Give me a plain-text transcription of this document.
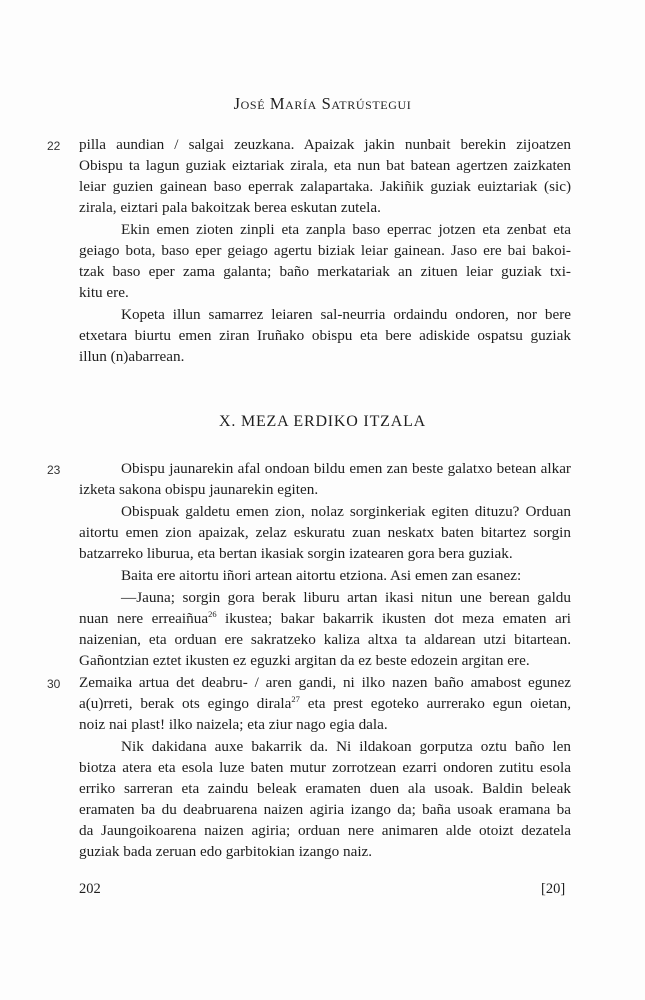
José María Satrústegui
22 pilla aundian / salgai zeuzkana. Apaizak jakin nunbait berekin zijoatzen
Obispu ta lagun guziak eiztariak zirala, eta nun bat batean agertzen zaizkaten
leiar guzien gainean baso eperrak zalapartaka. Jakiñik guziak euiztariak (sic)
zirala, eiztari pala bakoitzak berea eskutan zutela.
Ekin emen zioten zinpli eta zanpla baso eperrac jotzen eta zenbat eta
geiago bota, baso eper geiago agertu biziak leiar gainean. Jaso ere bai bakoi-
tzak baso eper zama galanta; baño merkatariak an zituen leiar guziak txi-
kitu ere.
Kopeta illun samarrez leiaren sal-neurria ordaindu ondoren, nor bere
etxetara biurtu emen ziran Iruñako obispu eta bere adiskide ospatsu guziak
illun (n)abarrean.
X. MEZA ERDIKO ITZALA
23	Obispu jaunarekin afal ondoan bildu emen zan beste galatxo betean alkar
izketa sakona obispu jaunarekin egiten.
Obispuak galdetu emen zion, nolaz sorginkeriak egiten dituzu? Orduan
aitortu emen zion apaizak, zelaz eskuratu zuan neskatx baten bitartez sorgin
batzarreko liburua, eta bertan ikasiak sorgin izatearen gora bera guziak.
Baita ere aitortu iñori artean aitortu etziona. Asi emen zan esanez:
—Jauna; sorgin gora berak liburu artan ikasi nitun une berean galdu
nuan nere erreaiñua$^{26}$ ikustea; bakar bakarrik ikusten dot meza ematen ari
naizenian, eta orduan ere sakratzeko kaliza altxa ta aldarean utzi bitartean.
Gañontzian eztet ikusten ez eguzki argitan da ez beste edozein argitan ere.
30 Zemaika artua det deabru- / aren gandi, ni ilko nazen baño amabost egunez
a(u)rreti, berak ots egingo dirala$^{27}$ eta prest egoteko aurrerako egun oietan,
noiz nai plast! ilko naizela; eta ziur nago egia dala.
Nik dakidana auxe bakarrik da. Ni ildakoan gorputza oztu baño len
biotza atera eta esola luze baten mutur zorrotzean ezarri ondoren zutitu esola
erriko sarreran eta zaindu beleak eramaten duen ala usoak. Baldin beleak
eramaten ba du deabruarena naizen agiria izango da; baña usoak eramana ba
da Jaungoikoarena naizen agiria; orduan nere animaren alde otoizt dezatela
guziak bada zeruan edo garbitokian izango naiz.
202	[20]
